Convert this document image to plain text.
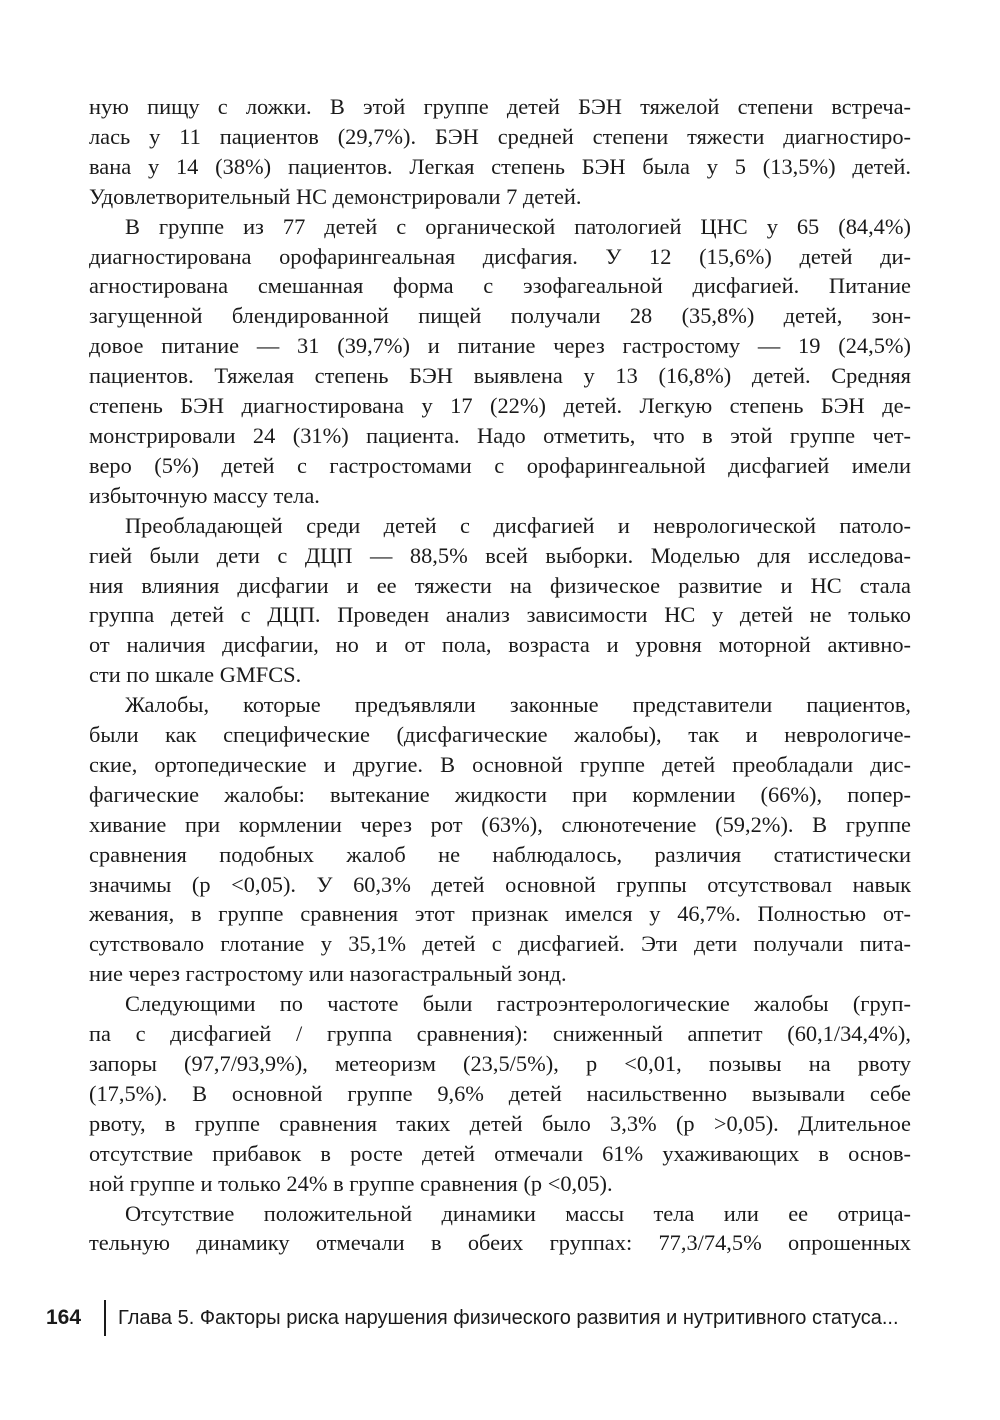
ную пищу с ложки. В этой группе детей БЭН тяжелой степени встреча-
лась у 11 пациентов (29,7%). БЭН средней степени тяжести диагностиро-
вана у 14 (38%) пациентов. Легкая степень БЭН была у 5 (13,5%) детей.
Удовлетворительный НС демонстрировали 7 детей.

В группе из 77 детей с органической патологией ЦНС у 65 (84,4%)
диагностирована орофарингеальная дисфагия. У 12 (15,6%) детей ди-
агностирована смешанная форма с эзофагеальной дисфагией. Питание
загущенной блендированной пищей получали 28 (35,8%) детей, зон-
довое питание — 31 (39,7%) и питание через гастростому — 19 (24,5%)
пациентов. Тяжелая степень БЭН выявлена у 13 (16,8%) детей. Средняя
степень БЭН диагностирована у 17 (22%) детей. Легкую степень БЭН де-
монстрировали 24 (31%) пациента. Надо отметить, что в этой группе чет-
веро (5%) детей с гастростомами с орофарингеальной дисфагией имели
избыточную массу тела.

Преобладающей среди детей с дисфагией и неврологической патоло-
гией были дети с ДЦП — 88,5% всей выборки. Моделью для исследова-
ния влияния дисфагии и ее тяжести на физическое развитие и НС стала
группа детей с ДЦП. Проведен анализ зависимости НС у детей не только
от наличия дисфагии, но и от пола, возраста и уровня моторной активно-
сти по шкале GMFCS.

Жалобы, которые предъявляли законные представители пациентов,
были как специфические (дисфагические жалобы), так и неврологиче-
ские, ортопедические и другие. В основной группе детей преобладали дис-
фагические жалобы: вытекание жидкости при кормлении (66%), попер-
хивание при кормлении через рот (63%), слюнотечение (59,2%). В группе
сравнения подобных жалоб не наблюдалось, различия статистически
значимы (p <0,05). У 60,3% детей основной группы отсутствовал навык
жевания, в группе сравнения этот признак имелся у 46,7%. Полностью от-
сутствовало глотание у 35,1% детей с дисфагией. Эти дети получали пита-
ние через гастростому или назогастральный зонд.

Следующими по частоте были гастроэнтерологические жалобы (груп-
па с дисфагией / группа сравнения): сниженный аппетит (60,1/34,4%),
запоры (97,7/93,9%), метеоризм (23,5/5%), p <0,01, позывы на рвоту
(17,5%). В основной группе 9,6% детей насильственно вызывали себе
рвоту, в группе сравнения таких детей было 3,3% (p >0,05). Длительное
отсутствие прибавок в росте детей отмечали 61% ухаживающих в основ-
ной группе и только 24% в группе сравнения (p <0,05).

Отсутствие положительной динамики массы тела или ее отрица-
тельную динамику отмечали в обеих группах: 77,3/74,5% опрошенных

164 Глава 5. Факторы риска нарушения физического развития и нутритивного статуса...
